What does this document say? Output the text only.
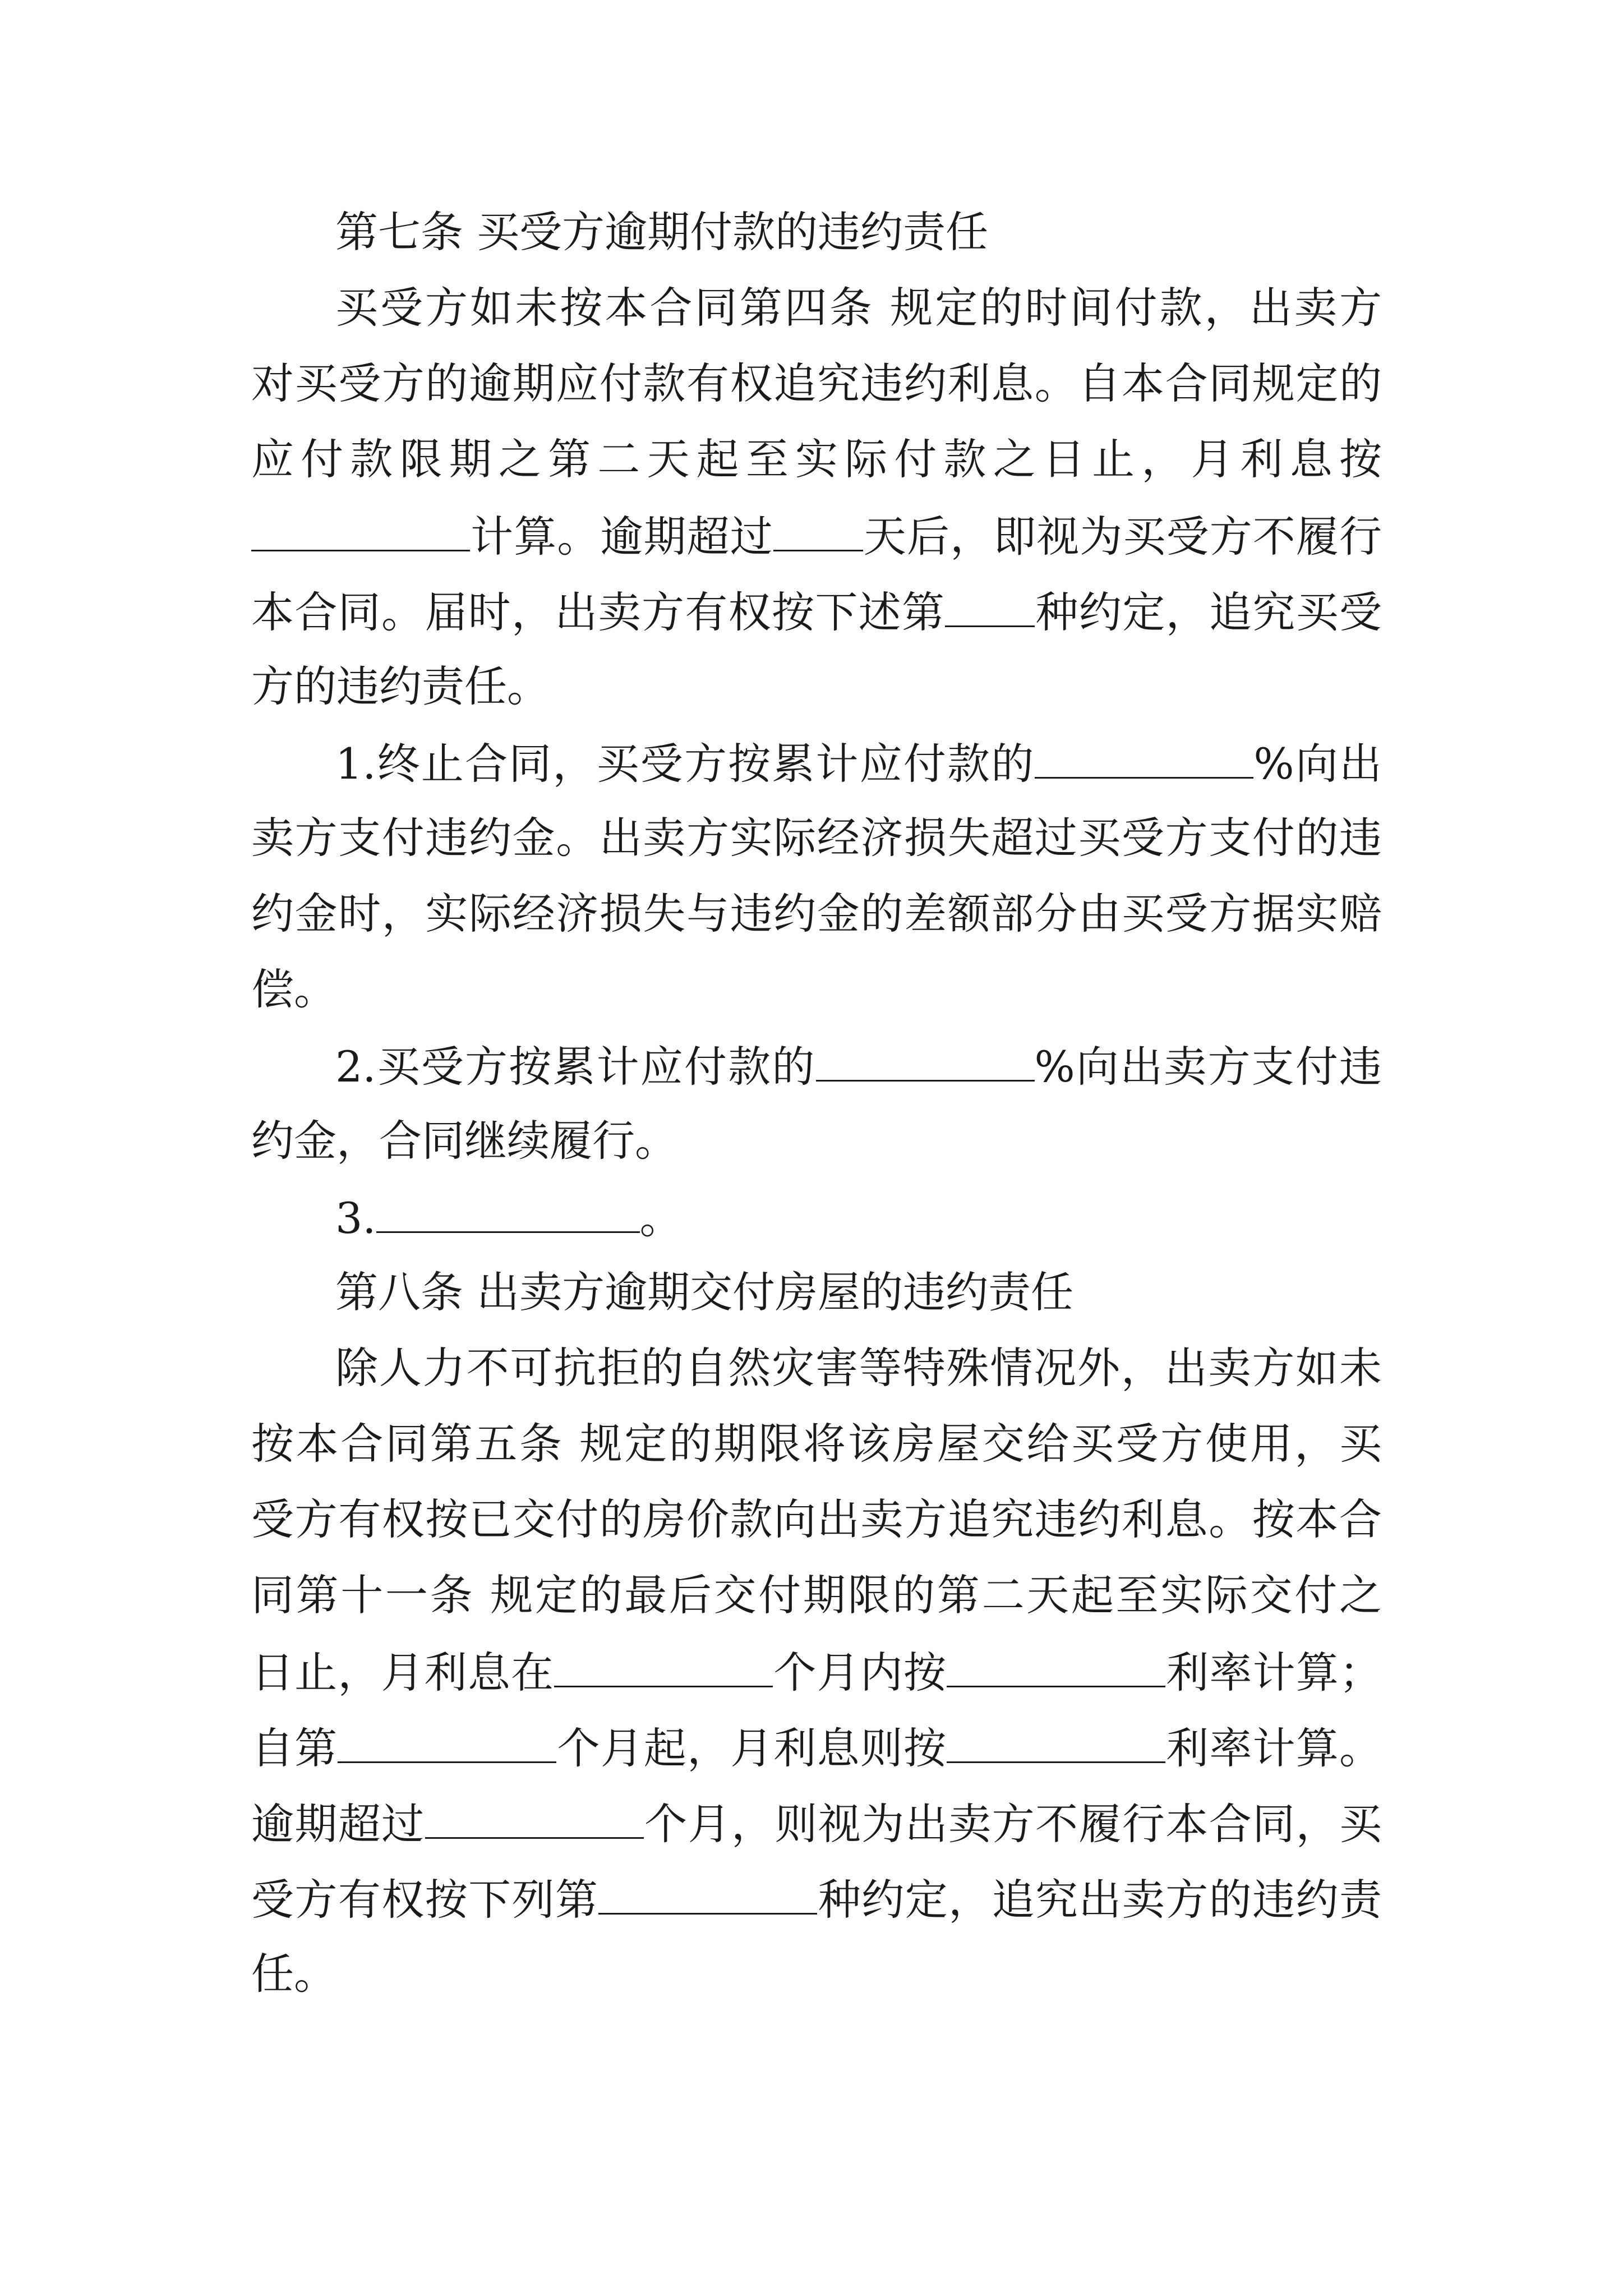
第七条 买受方逾期付款的违约责任
买受方如未按本合同第四条 规定的时间付款，出卖方
对买受方的逾期应付款有权追究违约利息。自本合同规定的
应付款限期之第二天起至实际付款之日止，月利息按
计算。逾期超过 天后，即视为买受方不履行
本合同。届时，出卖方有权按下述第 种约定，追究买受
方的违约责任。
1.终止合同，买受方按累计应付款的	%向出
卖方支付违约金。出卖方实际经济损失超过买受方支付的违
约金时，实际经济损失与违约金的差额部分由买受方据实赔
偿。
2.买受方按累计应付款的	%向出卖方支付违
约金，合同继续履行。
3.	。
第八条 出卖方逾期交付房屋的违约责任
除人力不可抗拒的自然灾害等特殊情况外，出卖方如未
按本合同第五条 规定的期限将该房屋交给买受方使用，买
受方有权按已交付的房价款向出卖方追究违约利息。按本合
同第十一条 规定的最后交付期限的第二天起至实际交付之
日止，月利息在	个月内按	利率计算；
自第	个月起，月利息则按	利率计算。
逾期超过	个月，则视为出卖方不履行本合同，买
受方有权按下列第	种约定，追究出卖方的违约责
任。
